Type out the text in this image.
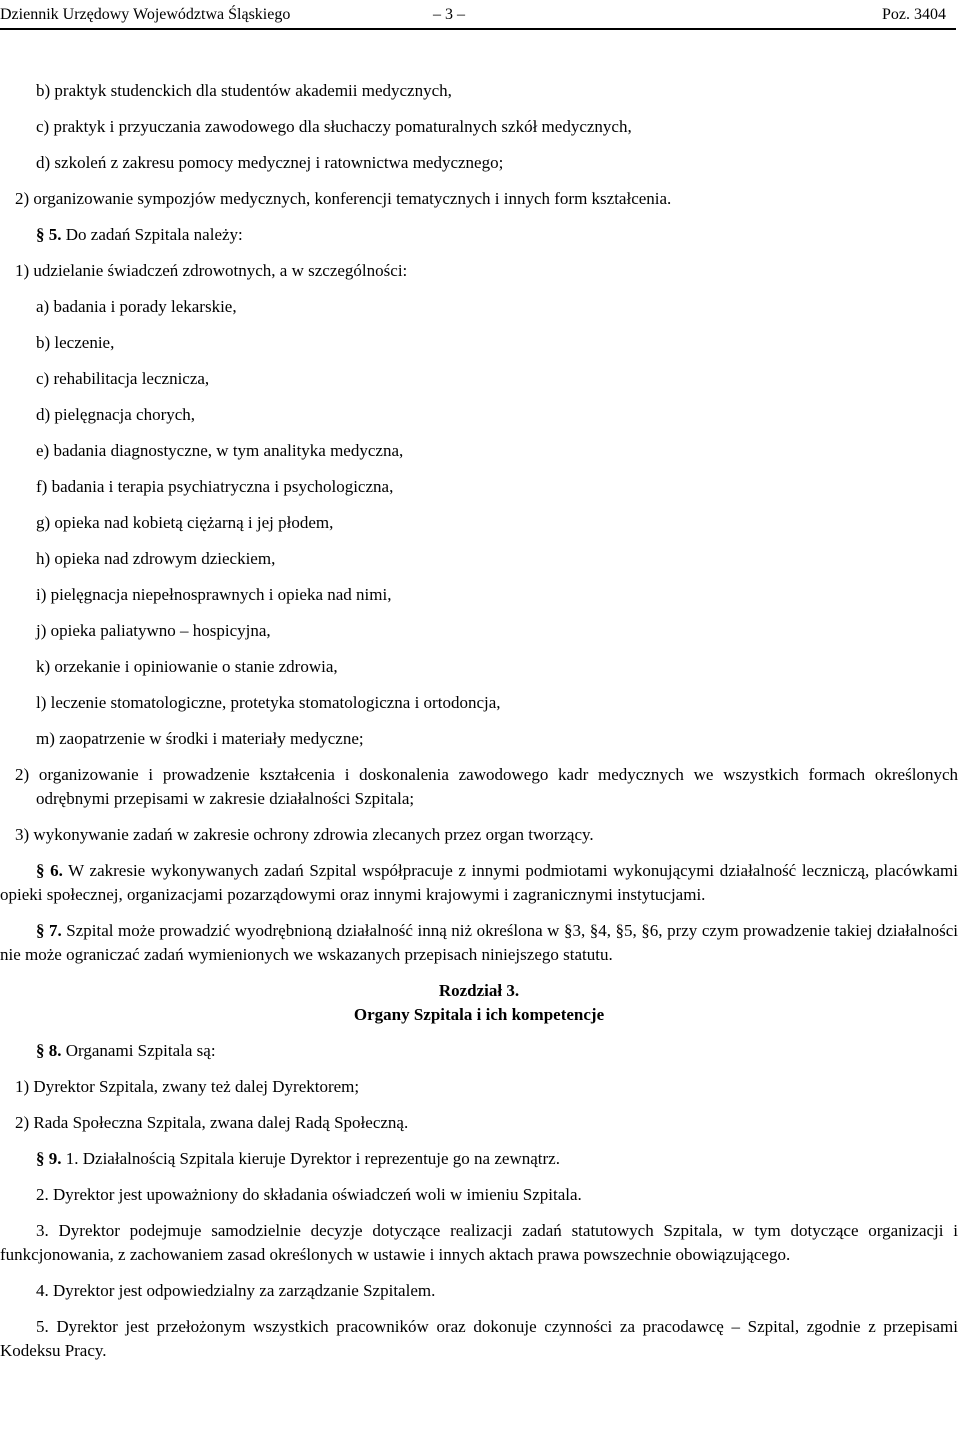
Dziennik Urzędowy Województwa Śląskiego	– 3 –	Poz. 3404

b) praktyk studenckich dla studentów akademii medycznych,

c) praktyk i przyuczania zawodowego dla słuchaczy pomaturalnych szkół medycznych,

d) szkoleń z zakresu pomocy medycznej i ratownictwa medycznego;

2) organizowanie sympozjów medycznych, konferencji tematycznych i innych form kształcenia.

§ 5. Do zadań Szpitala należy:

1) udzielanie świadczeń zdrowotnych, a w szczególności:

a) badania i porady lekarskie,

b) leczenie,

c) rehabilitacja lecznicza,

d) pielęgnacja chorych,

e) badania diagnostyczne, w tym analityka medyczna,

f) badania i terapia psychiatryczna i psychologiczna,

g) opieka nad kobietą ciężarną i jej płodem,

h) opieka nad zdrowym dzieckiem,

i) pielęgnacja niepełnosprawnych i opieka nad nimi,

j) opieka paliatywno – hospicyjna,

k) orzekanie i opiniowanie o stanie zdrowia,

l) leczenie stomatologiczne, protetyka stomatologiczna i ortodoncja,

m) zaopatrzenie w środki i materiały medyczne;

2) organizowanie i prowadzenie kształcenia i doskonalenia zawodowego kadr medycznych we wszystkich formach określonych odrębnymi przepisami w zakresie działalności Szpitala;

3) wykonywanie zadań w zakresie ochrony zdrowia zlecanych przez organ tworzący.

§ 6. W zakresie wykonywanych zadań Szpital współpracuje z innymi podmiotami wykonującymi działalność leczniczą, placówkami opieki społecznej, organizacjami pozarządowymi oraz innymi krajowymi i zagranicznymi instytucjami.

§ 7. Szpital może prowadzić wyodrębnioną działalność inną niż określona w §3, §4, §5, §6, przy czym prowadzenie takiej działalności nie może ograniczać zadań wymienionych we wskazanych przepisach niniejszego statutu.

Rozdział 3.

Organy Szpitala i ich kompetencje

§ 8. Organami Szpitala są:

1) Dyrektor Szpitala, zwany też dalej Dyrektorem;

2) Rada Społeczna Szpitala, zwana dalej Radą Społeczną.

§ 9. 1. Działalnością Szpitala kieruje Dyrektor i reprezentuje go na zewnątrz.

2. Dyrektor jest upoważniony do składania oświadczeń woli w imieniu Szpitala.

3. Dyrektor podejmuje samodzielnie decyzje dotyczące realizacji zadań statutowych Szpitala, w tym dotyczące organizacji i funkcjonowania, z zachowaniem zasad określonych w ustawie i innych aktach prawa powszechnie obowiązującego.

4. Dyrektor jest odpowiedzialny za zarządzanie Szpitalem.

5. Dyrektor jest przełożonym wszystkich pracowników oraz dokonuje czynności za pracodawcę – Szpital, zgodnie z przepisami Kodeksu Pracy.
